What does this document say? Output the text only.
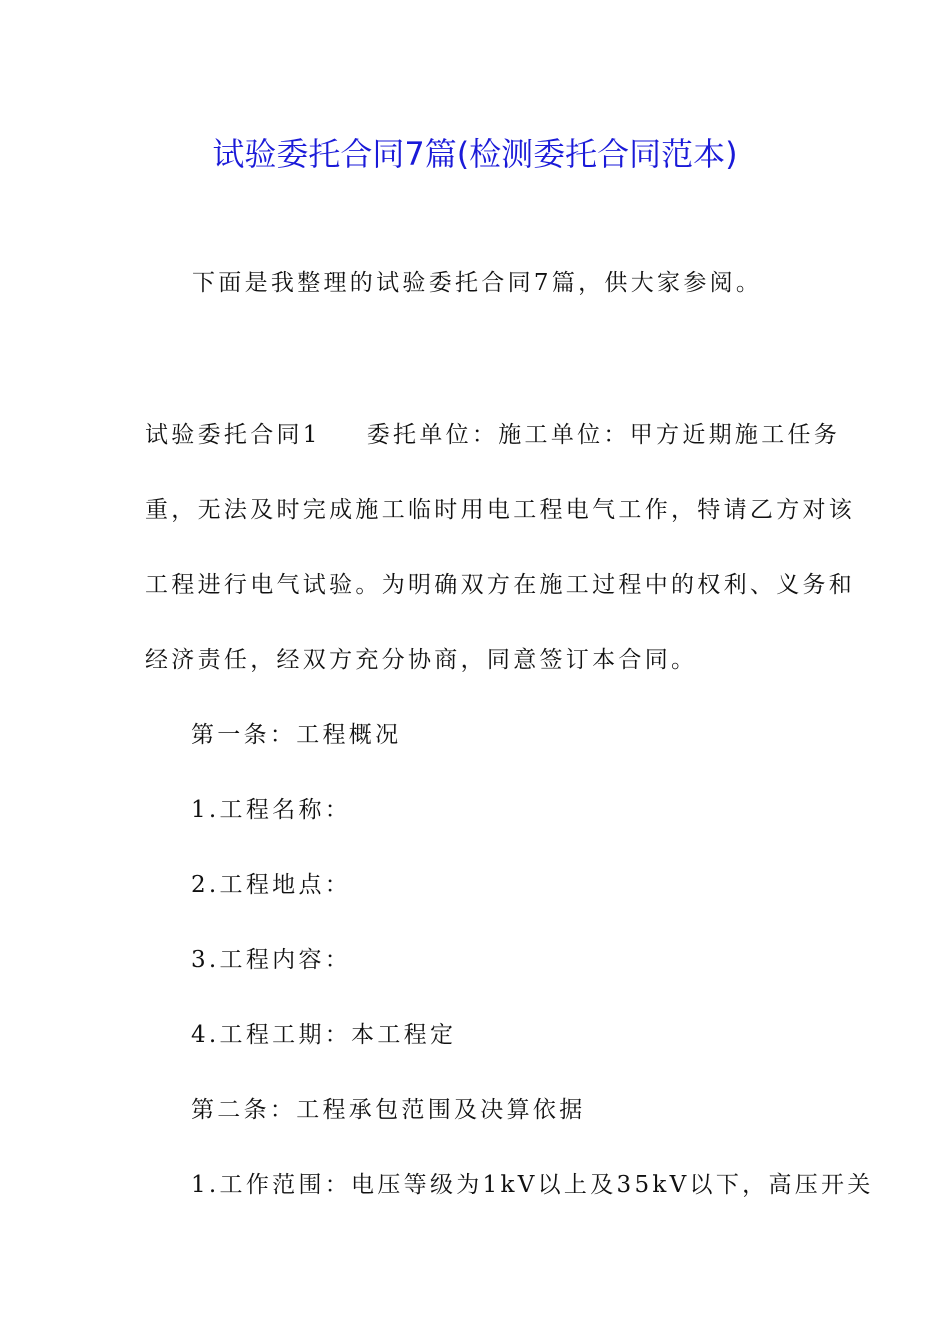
试验委托合同7篇(检测委托合同范本)
下面是我整理的试验委托合同7篇，供大家参阅。
试验委托合同1 委托单位：施工单位：甲方近期施工任务
重，无法及时完成施工临时用电工程电气工作，特请乙方对该
工程进行电气试验。为明确双方在施工过程中的权利、义务和
经济责任，经双方充分协商，同意签订本合同。
第一条：工程概况
1.工程名称：
2.工程地点：
3.工程内容：
4.工程工期：本工程定
第二条：工程承包范围及决算依据
1.工作范围：电压等级为1kV以上及35kV以下，高压开关
